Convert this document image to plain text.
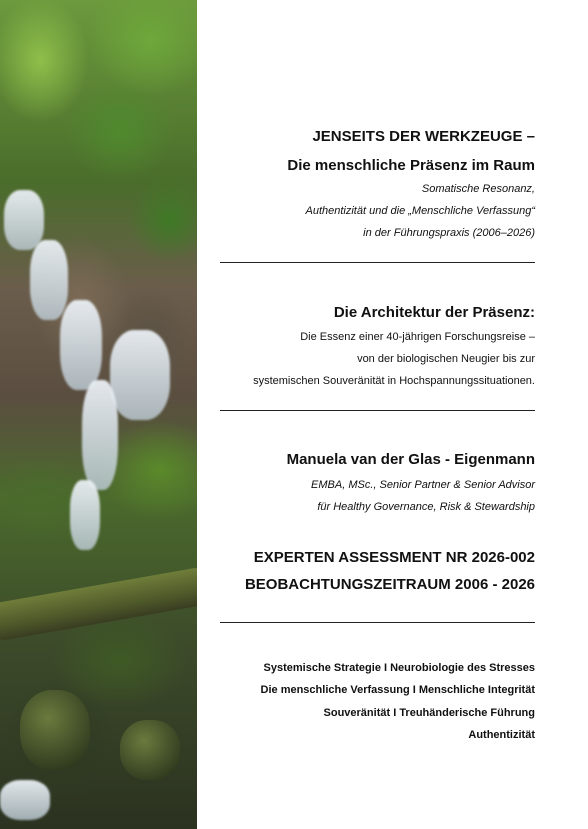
JENSEITS DER WERKZEUGE –
Die menschliche Präsenz im Raum
Somatische Resonanz,
Authentizität und die „Menschliche Verfassung“
in der Führungspraxis (2006–2026)
Die Architektur der Präsenz:
Die Essenz einer 40-jährigen Forschungsreise –
von der biologischen Neugier bis zur
systemischen Souveränität in Hochspannungssituationen.
Manuela van der Glas - Eigenmann
EMBA, MSc., Senior Partner & Senior Advisor
für Healthy Governance, Risk & Stewardship
EXPERTEN ASSESSMENT NR 2026-002
BEOBACHTUNGSZEITRAUM 2006 - 2026
Systemische Strategie I Neurobiologie des Stresses
Die menschliche Verfassung I Menschliche Integrität
Souveränität I Treuhänderische Führung
Authentizität
